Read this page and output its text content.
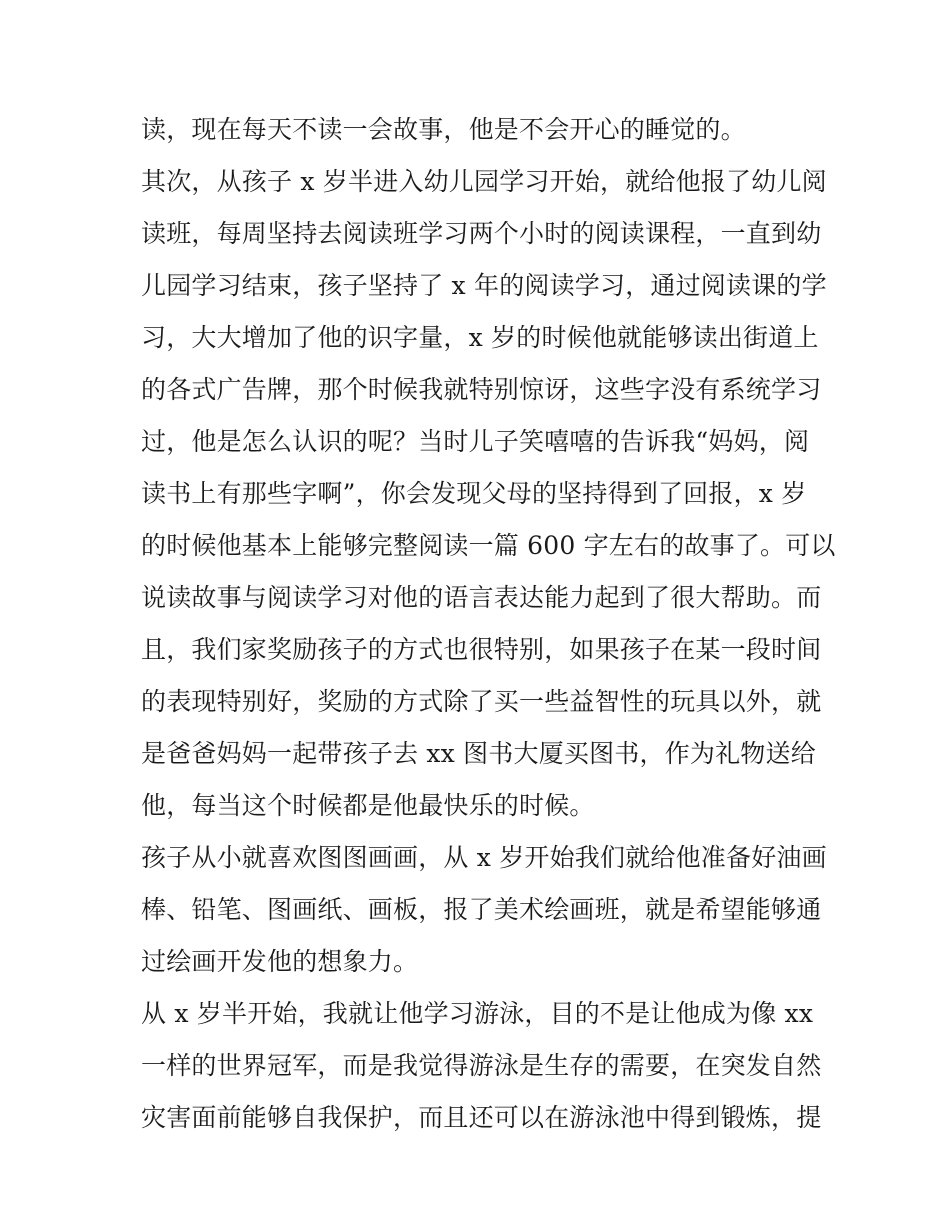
读，现在每天不读一会故事，他是不会开心的睡觉的。
其次，从孩子 x 岁半进入幼儿园学习开始，就给他报了幼儿阅
读班，每周坚持去阅读班学习两个小时的阅读课程，一直到幼
儿园学习结束，孩子坚持了 x 年的阅读学习，通过阅读课的学
习，大大增加了他的识字量，x 岁的时候他就能够读出街道上
的各式广告牌，那个时候我就特别惊讶，这些字没有系统学习
过，他是怎么认识的呢？当时儿子笑嘻嘻的告诉我“妈妈，阅
读书上有那些字啊”，你会发现父母的坚持得到了回报，x 岁
的时候他基本上能够完整阅读一篇 600 字左右的故事了。可以
说读故事与阅读学习对他的语言表达能力起到了很大帮助。而
且，我们家奖励孩子的方式也很特别，如果孩子在某一段时间
的表现特别好，奖励的方式除了买一些益智性的玩具以外，就
是爸爸妈妈一起带孩子去 xx 图书大厦买图书，作为礼物送给
他，每当这个时候都是他最快乐的时候。
孩子从小就喜欢图图画画，从 x 岁开始我们就给他准备好油画
棒、铅笔、图画纸、画板，报了美术绘画班，就是希望能够通
过绘画开发他的想象力。
从 x 岁半开始，我就让他学习游泳，目的不是让他成为像 xx
一样的世界冠军，而是我觉得游泳是生存的需要，在突发自然
灾害面前能够自我保护，而且还可以在游泳池中得到锻炼，提
